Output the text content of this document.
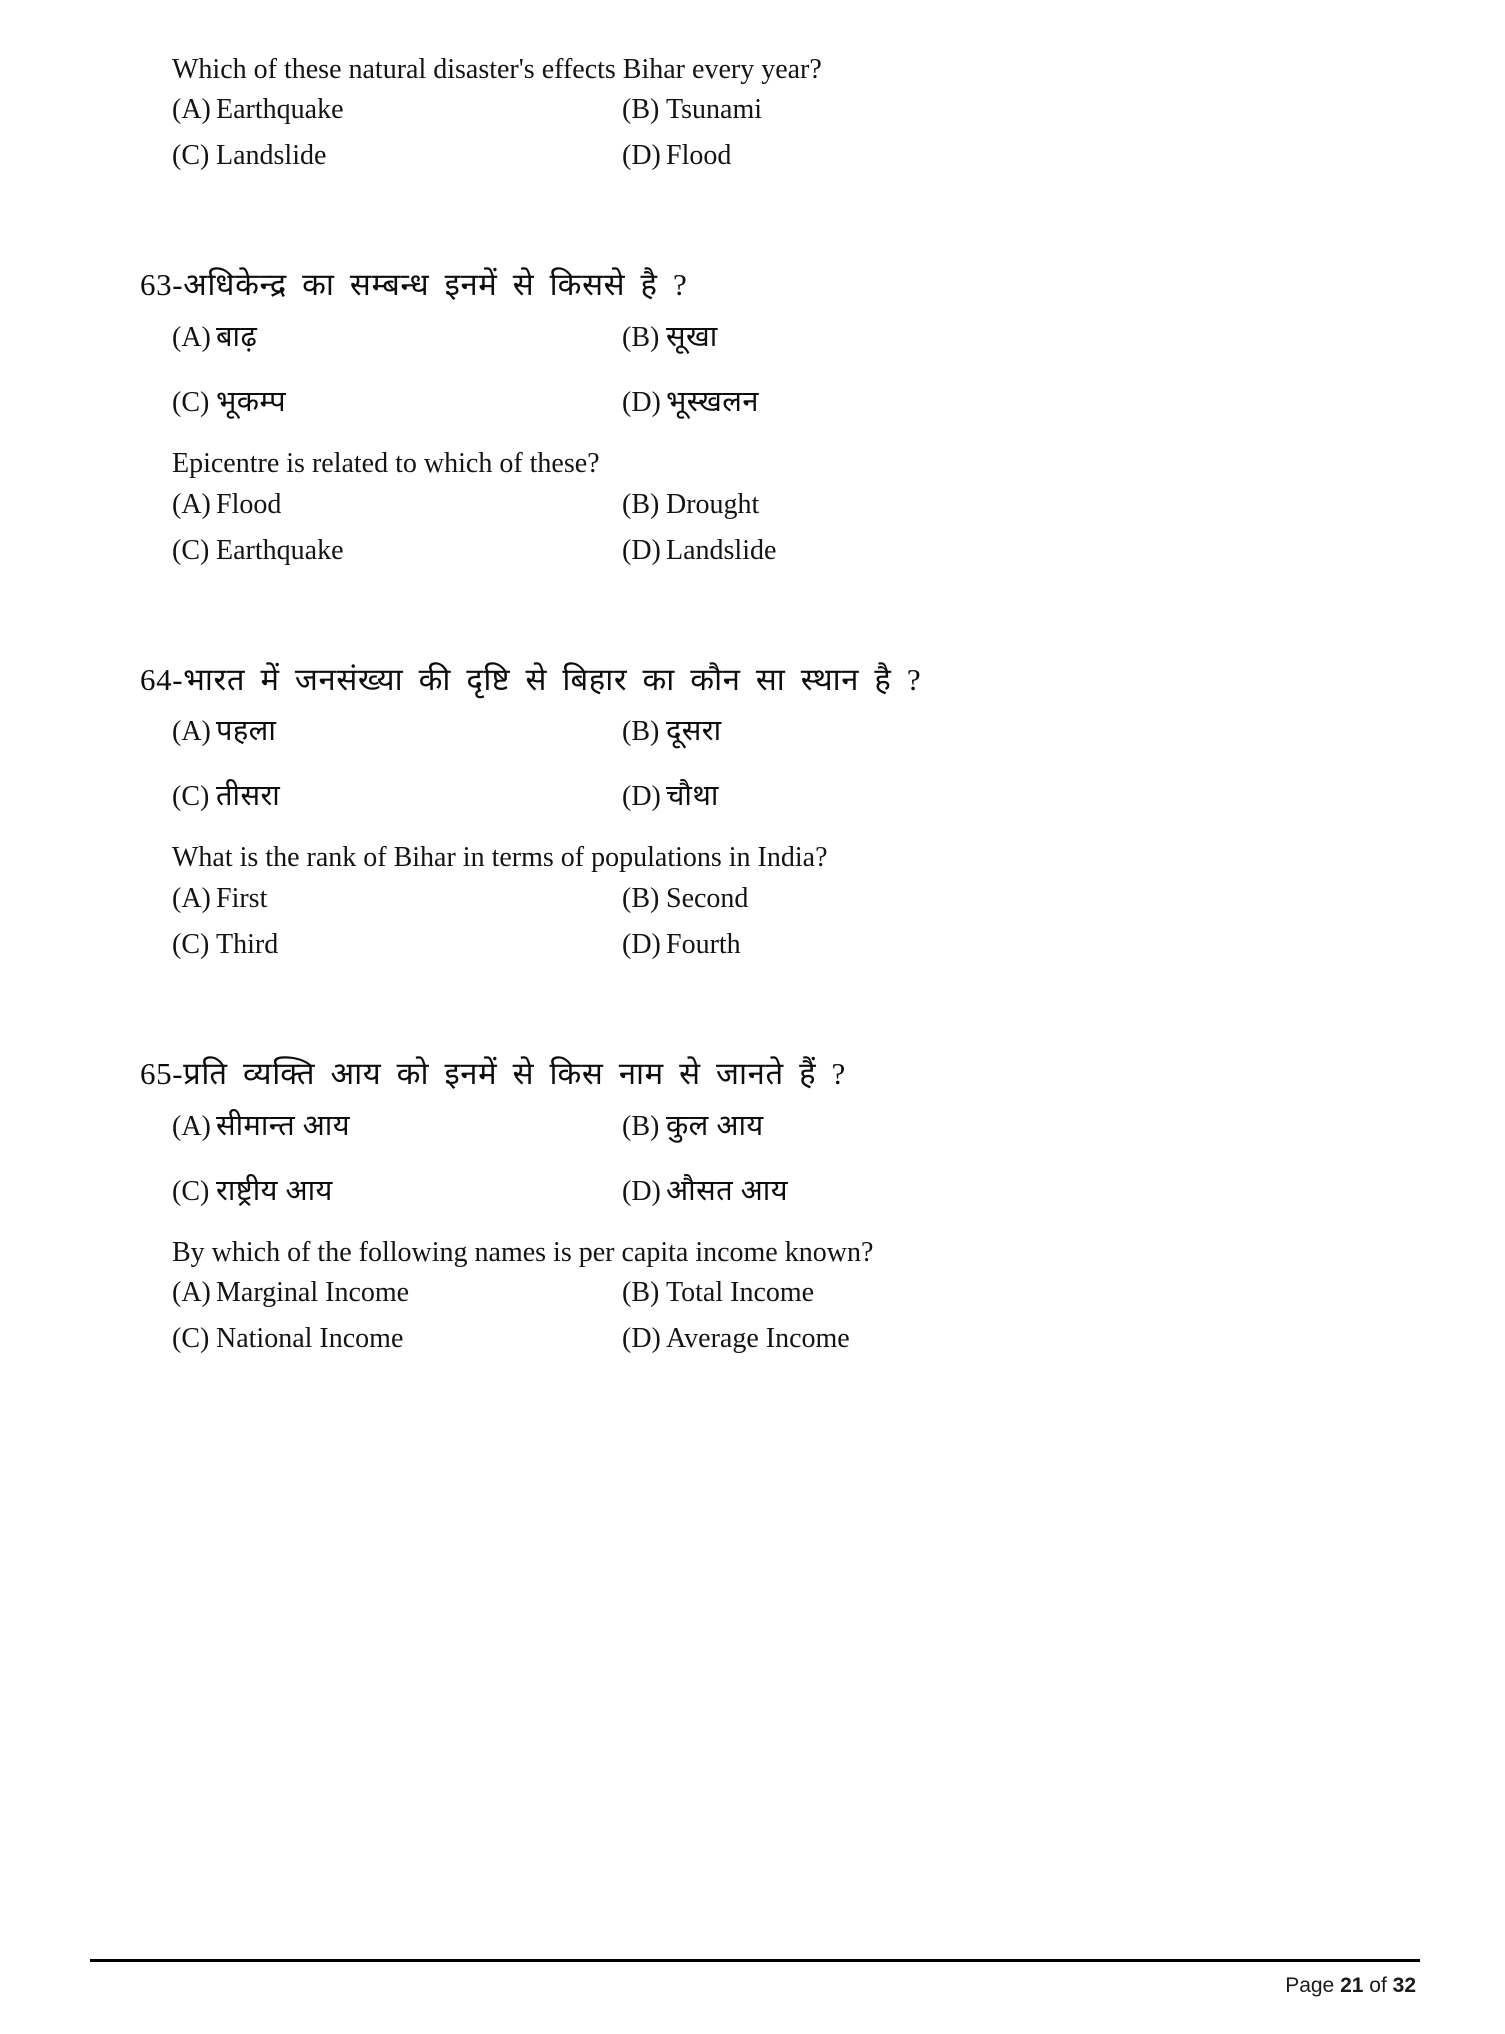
Which of these natural disaster's effects Bihar every year?

(A) Earthquake	(B) Tsunami
(C) Landslide	(D) Flood

63-अधिकेन्द्र का सम्बन्ध इनमें से किससे है ?

(A) बाढ़	(B) सूखा
(C) भूकम्प	(D) भूस्खलन

Epicentre is related to which of these?

(A) Flood	(B) Drought
(C) Earthquake	(D) Landslide

64-भारत में जनसंख्या की दृष्टि से बिहार का कौन सा स्थान है ?

(A) पहला	(B) दूसरा
(C) तीसरा	(D) चौथा

What is the rank of Bihar in terms of populations in India?

(A) First	(B) Second
(C) Third	(D) Fourth

65-प्रति व्यक्ति आय को इनमें से किस नाम से जानते हैं ?

(A) सीमान्त आय	(B) कुल आय
(C) राष्ट्रीय आय	(D) औसत आय

By which of the following names is per capita income known?

(A) Marginal Income	(B) Total Income
(C) National Income	(D) Average Income
Page 21 of 32
